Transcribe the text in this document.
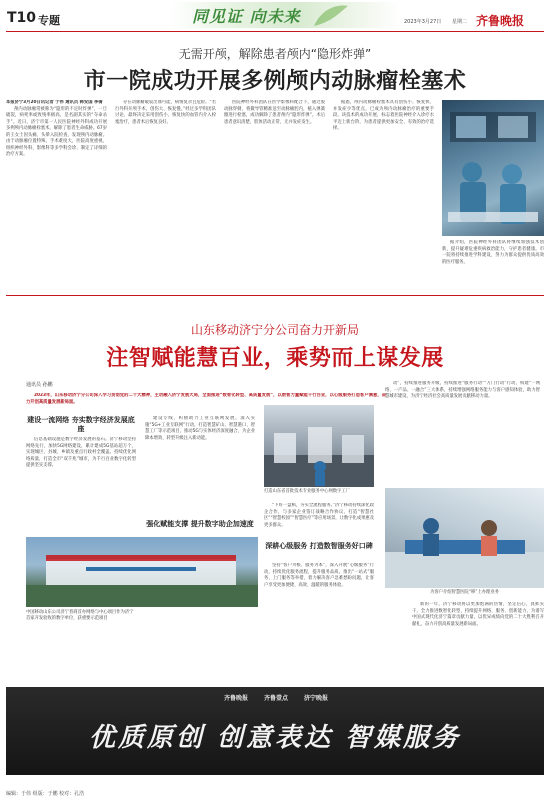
T10 专题	同见证 向未来	2023年3月27日 星期二 齐鲁晚报
无需开颅，解除患者颅内“隐形炸弹”
市一院成功开展多例颅内动脉瘤栓塞术

本报济宁3月20日讯记者 于伟 通讯员 韩安国 李倩

颅内动脉瘤常被称为“隐形的不定时炸弹”，一旦破裂，病死率或致残率极高，是名副其实的“夺命杀手”。近日，济宁市第一人民医院神经外科成功开展多例颅内动脉瘤栓塞术，解除了患者生命威胁。67岁的王女士因头痛、头晕入院检查，发现颅内动脉瘤。由于动脉瘤位置特殊，手术难度大，医院高度重视，组织神经外科、影像科等多学科会诊，制定了详细的治疗方案。

存在动脉瘤破裂出血可能，病情复杂且危险。“若行外科开颅手术，创伤大、恢复慢。”经过多学科团队讨论，最终决定采用创伤小、恢复快的血管内介入栓塞治疗，患者术后恢复良好。

医院神经外科团队在医学影像科配合下，通过股动脉穿刺，将微导管精准送至动脉瘤腔内，植入弹簧圈进行栓塞，成功解除了患者颅内“隐形炸弹”。术后患者意识清楚，肢体活动正常，无并发症发生。

据悉，颅内动脉瘤栓塞术具有创伤小、恢复快、并发症少等优点，已成为颅内动脉瘤治疗的重要手段。该技术的成功开展，标志着医院神经介入诊疗水平迈上新台阶，为患者提供更加安全、有效的治疗选择。

据介绍，医院神经外科团队将继续加强技术创新，提升疑难危重疾病救治能力，守护患者健康。市一院将持续推进学科建设，努力为群众提供优质高效的医疗服务。

山东移动济宁分公司奋力开新局
注智赋能慧百业，乘势而上谋发展
通讯员 孙鹏

2023年，山东移动济宁分公司深入学习贯彻党的二十大精神，主动融入济宁发展大局，全面推进“数智化转型、高质量发展”，以数智力量赋能千行百业，以心级服务打造客户满意，奋力开创高质量发展新局面。

建设一流网络 夯实数字经济发展底座

信息基础设施是数字经济发展的基石。济宁移动坚持网络先行，加快5G网络建设，累计建成5G基站超万个，实现城区、县城、乡镇及重点行政村全覆盖。持续优化网络质量，打造全市“双千兆”城市，为千行百业数字化转型提供坚实支撑。

建设专线，积极助力工业互联网发展。深入实施“5G+工业互联网”行动，打造智慧矿山、智慧港口、智慧工厂等示范项目，推动5G与实体经济深度融合，为企业降本增效、转型升级注入新动能。

强化赋能支撑 提升数字助企加速度

打造山东省首批技术专业服务中心网数字工厂

“下好一盘棋，夯实全流程服务。”济宁移动持续深化政企合作，与多家企业签订战略合作协议，打造“智慧社区”“智慧校园”“智慧医疗”等应用场景，让数字化成果惠及更多群众。

深耕心级服务 打造数智服务好口碑

坚持“客户为根、服务为本”，深入开展“心级服务”行动，持续优化服务流程，提升服务品质。推出“一站式”服务、上门服务等举措，着力解决客户急难愁盼问题，让客户享受更加便捷、高效、温暖的服务体验。

动”，持续推进服务升级，持续推进“服务行动”“万门行动”行动，构建“一网络、一产品、一融合”三大体系，持续增强网络服务能力与客户感知体验，助力智慧城市建设，为济宁经济社会高质量发展贡献移动力量。

为客户介绍智慧医院“移”上办理业务

新的一年，济宁移动将以更加饱满的热情，坚定信心，真抓实干，全力推进数智化转型，持续提升网络、服务、创新能力，为谱写中国式现代化济宁篇章贡献力量，以优异成绩向党的二十大胜利召开献礼，奋力开创高质量发展新局面。

中国移动山东公司济宁普商首办网络与中心项目作为济宁首家开发验收的数字单位，获重要示范项目
齐鲁晚报	齐鲁壹点	济宁晚报
优质原创 创意表达 智媒服务
编辑：于伟 组版：于鹏 校对：孔浩
